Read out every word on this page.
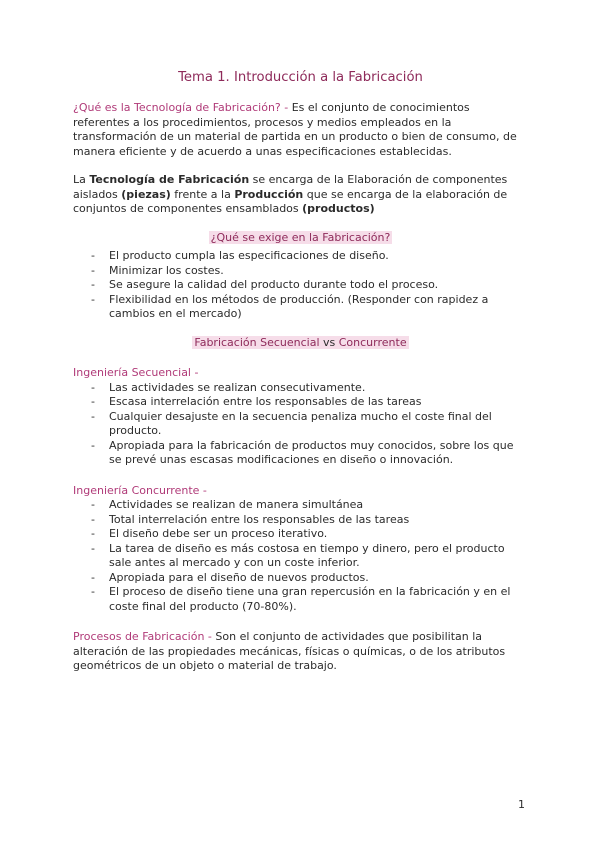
Tema 1. Introducción a la Fabricación

¿Qué es la Tecnología de Fabricación? - Es el conjunto de conocimientos referentes a los procedimientos, procesos y medios empleados en la transformación de un material de partida en un producto o bien de consumo, de manera eficiente y de acuerdo a unas especificaciones establecidas.

La Tecnología de Fabricación se encarga de la Elaboración de componentes aislados (piezas) frente a la Producción que se encarga de la elaboración de conjuntos de componentes ensamblados (productos)

¿Qué se exige en la Fabricación?
- El producto cumpla las especificaciones de diseño.
- Minimizar los costes.
- Se asegure la calidad del producto durante todo el proceso.
- Flexibilidad en los métodos de producción. (Responder con rapidez a cambios en el mercado)
Fabricación Secuencial vs Concurrente
Ingeniería Secuencial -
- Las actividades se realizan consecutivamente.
- Escasa interrelación entre los responsables de las tareas
- Cualquier desajuste en la secuencia penaliza mucho el coste final del producto.
- Apropiada para la fabricación de productos muy conocidos, sobre los que se prevé unas escasas modificaciones en diseño o innovación.
Ingeniería Concurrente -
- Actividades se realizan de manera simultánea
- Total interrelación entre los responsables de las tareas
- El diseño debe ser un proceso iterativo.
- La tarea de diseño es más costosa en tiempo y dinero, pero el producto sale antes al mercado y con un coste inferior.
- Apropiada para el diseño de nuevos productos.
- El proceso de diseño tiene una gran repercusión en la fabricación y en el coste final del producto (70-80%).

Procesos de Fabricación - Son el conjunto de actividades que posibilitan la alteración de las propiedades mecánicas, físicas o químicas, o de los atributos geométricos de un objeto o material de trabajo.

1
